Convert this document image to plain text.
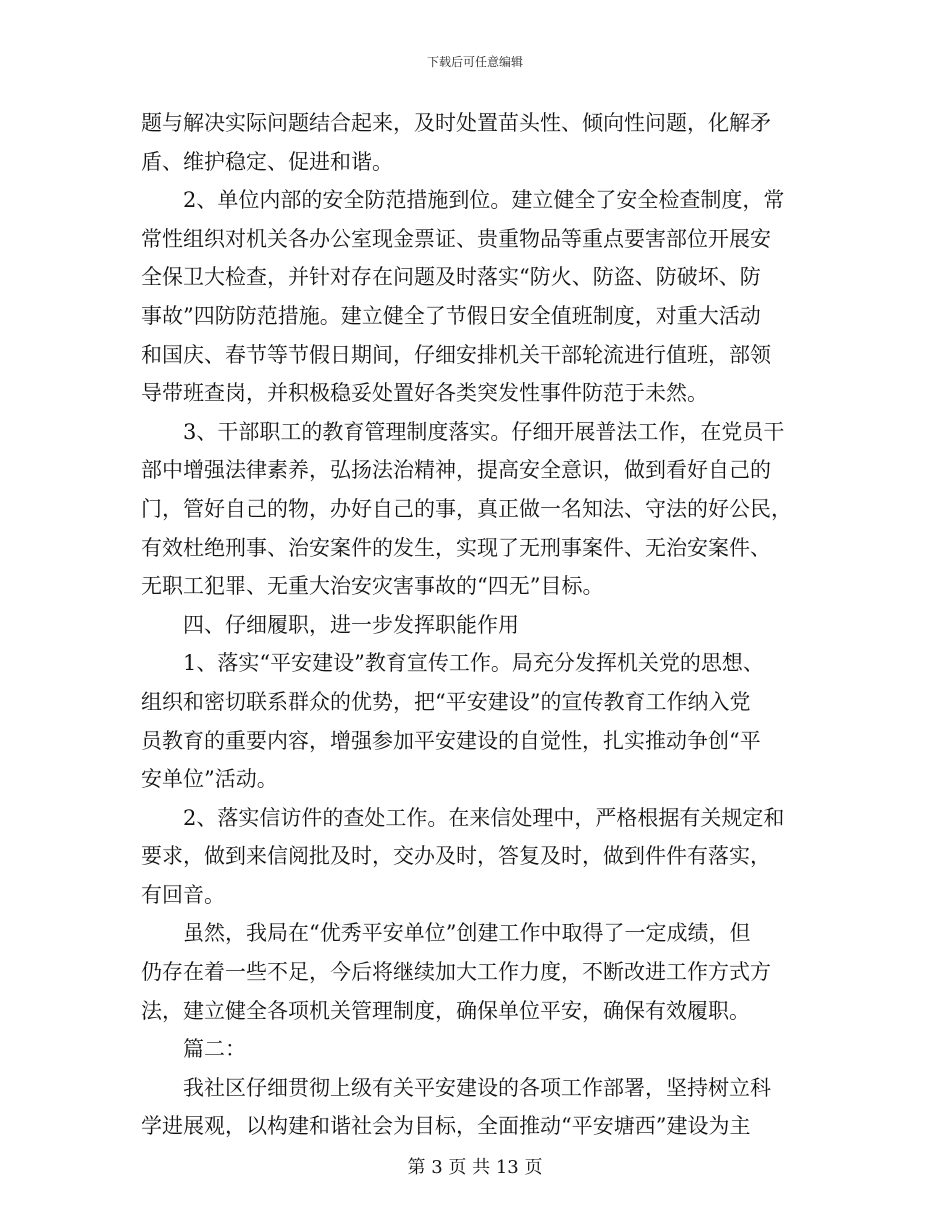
下载后可任意编辑
题与解决实际问题结合起来，及时处置苗头性、倾向性问题，化解矛
盾、维护稳定、促进和谐。
2、单位内部的安全防范措施到位。建立健全了安全检查制度，常
常性组织对机关各办公室现金票证、贵重物品等重点要害部位开展安
全保卫大检查，并针对存在问题及时落实“防火、防盗、防破坏、防
事故”四防防范措施。建立健全了节假日安全值班制度，对重大活动
和国庆、春节等节假日期间，仔细安排机关干部轮流进行值班，部领
导带班查岗，并积极稳妥处置好各类突发性事件防范于未然。
3、干部职工的教育管理制度落实。仔细开展普法工作，在党员干
部中增强法律素养，弘扬法治精神，提高安全意识，做到看好自己的
门，管好自己的物，办好自己的事，真正做一名知法、守法的好公民，
有效杜绝刑事、治安案件的发生，实现了无刑事案件、无治安案件、
无职工犯罪、无重大治安灾害事故的“四无”目标。
四、仔细履职，进一步发挥职能作用
1、落实“平安建设”教育宣传工作。局充分发挥机关党的思想、
组织和密切联系群众的优势，把“平安建设”的宣传教育工作纳入党
员教育的重要内容，增强参加平安建设的自觉性，扎实推动争创“平
安单位”活动。
2、落实信访件的查处工作。在来信处理中，严格根据有关规定和
要求，做到来信阅批及时，交办及时，答复及时，做到件件有落实，
有回音。
虽然，我局在“优秀平安单位”创建工作中取得了一定成绩，但
仍存在着一些不足，今后将继续加大工作力度，不断改进工作方式方
法，建立健全各项机关管理制度，确保单位平安，确保有效履职。
篇二：
我社区仔细贯彻上级有关平安建设的各项工作部署，坚持树立科
学进展观，以构建和谐社会为目标，全面推动“平安塘西”建设为主
第 3 页 共 13 页
